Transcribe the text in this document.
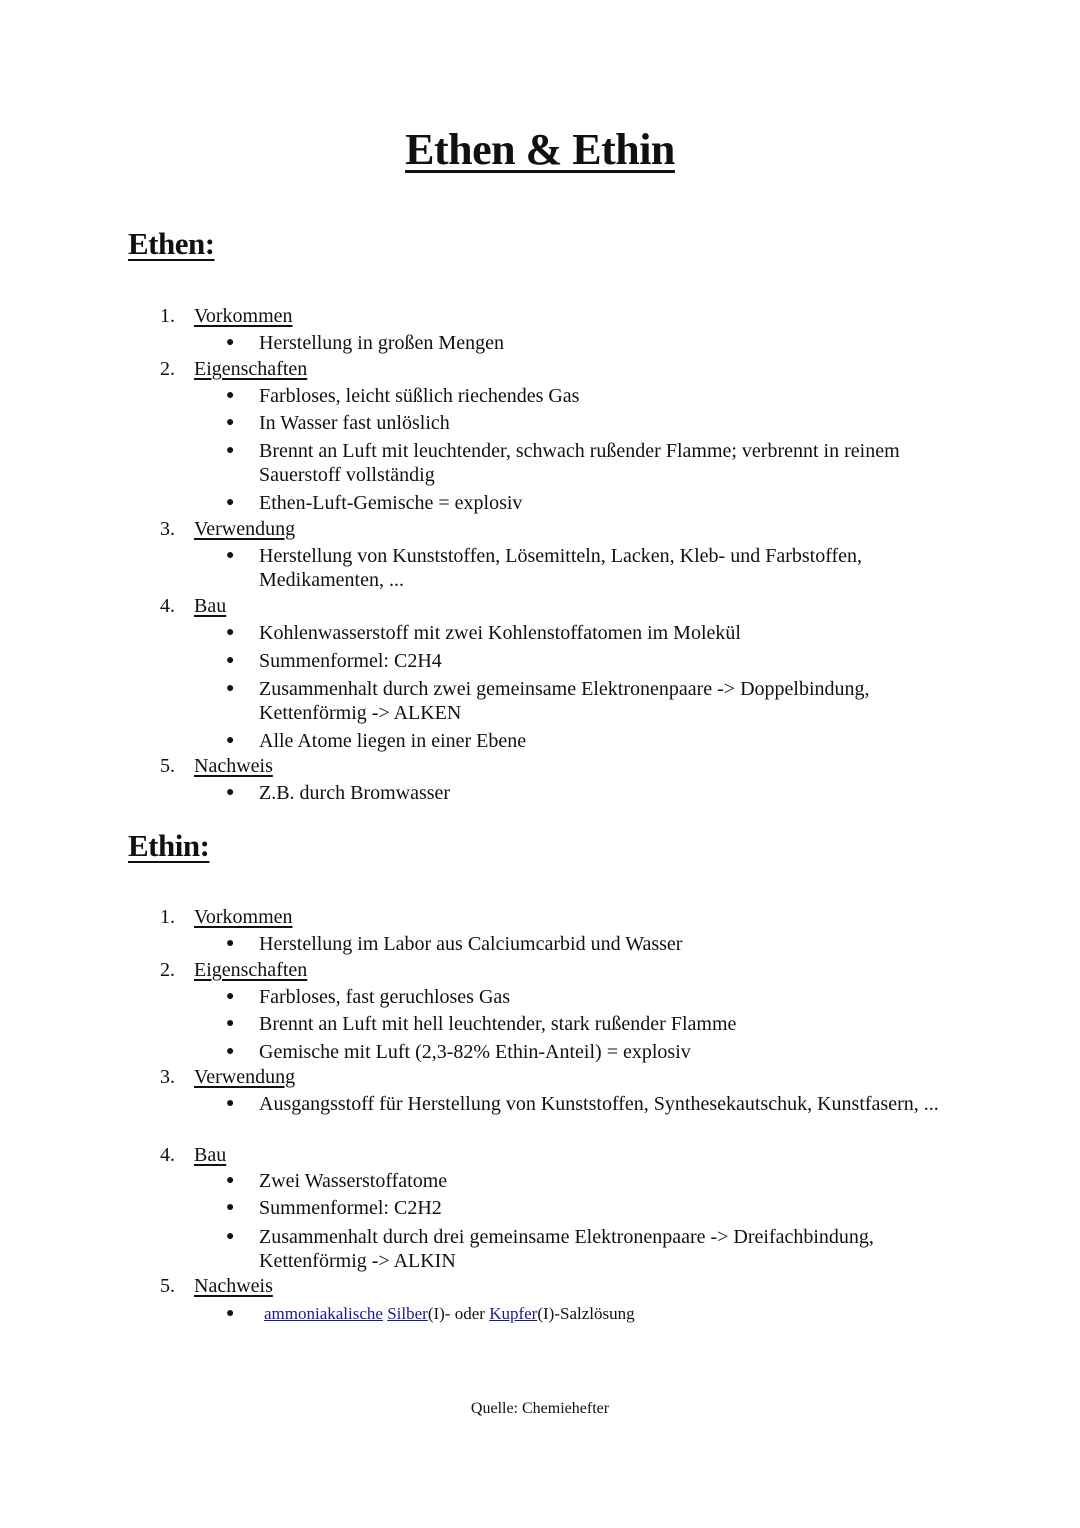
Ethen & Ethin
Ethen:
1. Vorkommen
● Herstellung in großen Mengen
2. Eigenschaften
● Farbloses, leicht süßlich riechendes Gas
● In Wasser fast unlöslich
● Brennt an Luft mit leuchtender, schwach rußender Flamme; verbrennt in reinem Sauerstoff vollständig
● Ethen-Luft-Gemische = explosiv
3. Verwendung
● Herstellung von Kunststoffen, Lösemitteln, Lacken, Kleb- und Farbstoffen, Medikamenten, ...
4. Bau
● Kohlenwasserstoff mit zwei Kohlenstoffatomen im Molekül
● Summenformel: C2H4
● Zusammenhalt durch zwei gemeinsame Elektronenpaare -> Doppelbindung, Kettenförmig -> ALKEN
● Alle Atome liegen in einer Ebene
5. Nachweis
● Z.B. durch Bromwasser
Ethin:
1. Vorkommen
● Herstellung im Labor aus Calciumcarbid und Wasser
2. Eigenschaften
● Farbloses, fast geruchloses Gas
● Brennt an Luft mit hell leuchtender, stark rußender Flamme
● Gemische mit Luft (2,3-82% Ethin-Anteil) = explosiv
3. Verwendung
● Ausgangsstoff für Herstellung von Kunststoffen, Synthesekautschuk, Kunstfasern, ...
4. Bau
● Zwei Wasserstoffatome
● Summenformel: C2H2
● Zusammenhalt durch drei gemeinsame Elektronenpaare -> Dreifachbindung, Kettenförmig -> ALKIN
5. Nachweis
● ammoniakalische Silber(I)- oder Kupfer(I)-Salzlösung
Quelle: Chemiehefter
